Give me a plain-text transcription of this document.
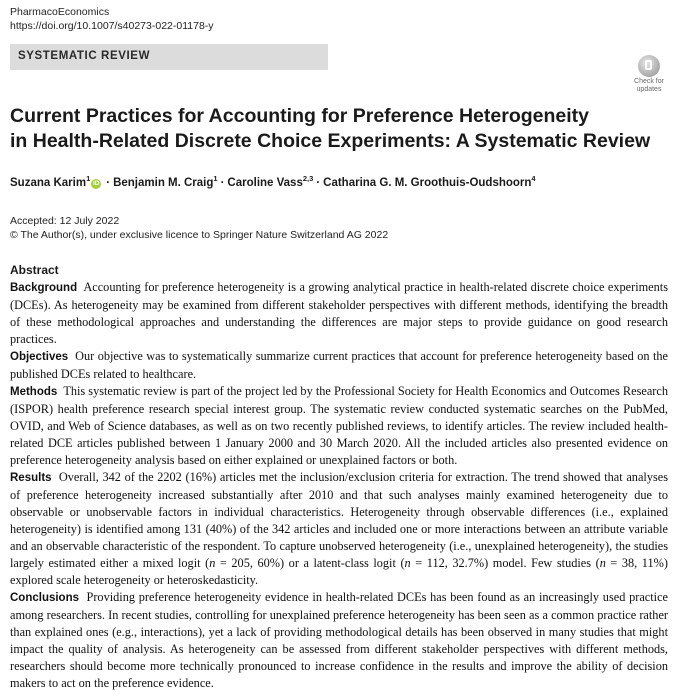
PharmacoEconomics
https://doi.org/10.1007/s40273-022-01178-y
SYSTEMATIC REVIEW
Check for
updates
Current Practices for Accounting for Preference Heterogeneity
in Health-Related Discrete Choice Experiments: A Systematic Review
Suzana Karim$^1$iD · Benjamin M. Craig$^1$ · Caroline Vass$^{2,3}$ · Catharina G. M. Groothuis-Oudshoorn$^4$
Accepted: 12 July 2022
© The Author(s), under exclusive licence to Springer Nature Switzerland AG 2022
Abstract

Background Accounting for preference heterogeneity is a growing analytical practice in health-related discrete choice experiments (DCEs). As heterogeneity may be examined from different stakeholder perspectives with different methods, identifying the breadth of these methodological approaches and understanding the differences are major steps to provide guidance on good research practices.

Objectives Our objective was to systematically summarize current practices that account for preference heterogeneity based on the published DCEs related to healthcare.

Methods This systematic review is part of the project led by the Professional Society for Health Economics and Outcomes Research (ISPOR) health preference research special interest group. The systematic review conducted systematic searches on the PubMed, OVID, and Web of Science databases, as well as on two recently published reviews, to identify articles. The review included health-related DCE articles published between 1 January 2000 and 30 March 2020. All the included articles also presented evidence on preference heterogeneity analysis based on either explained or unexplained factors or both.

Results Overall, 342 of the 2202 (16%) articles met the inclusion/exclusion criteria for extraction. The trend showed that analyses of preference heterogeneity increased substantially after 2010 and that such analyses mainly examined heterogeneity due to observable or unobservable factors in individual characteristics. Heterogeneity through observable differences (i.e., explained heterogeneity) is identified among 131 (40%) of the 342 articles and included one or more interactions between an attribute variable and an observable characteristic of the respondent. To capture unobserved heterogeneity (i.e., unexplained heterogeneity), the studies largely estimated either a mixed logit (n = 205, 60%) or a latent-class logit (n = 112, 32.7%) model. Few studies (n = 38, 11%) explored scale heterogeneity or heteroskedasticity.

Conclusions Providing preference heterogeneity evidence in health-related DCEs has been found as an increasingly used practice among researchers. In recent studies, controlling for unexplained preference heterogeneity has been seen as a common practice rather than explained ones (e.g., interactions), yet a lack of providing methodological details has been observed in many studies that might impact the quality of analysis. As heterogeneity can be assessed from different stakeholder perspectives with different methods, researchers should become more technically pronounced to increase confidence in the results and improve the ability of decision makers to act on the preference evidence.
